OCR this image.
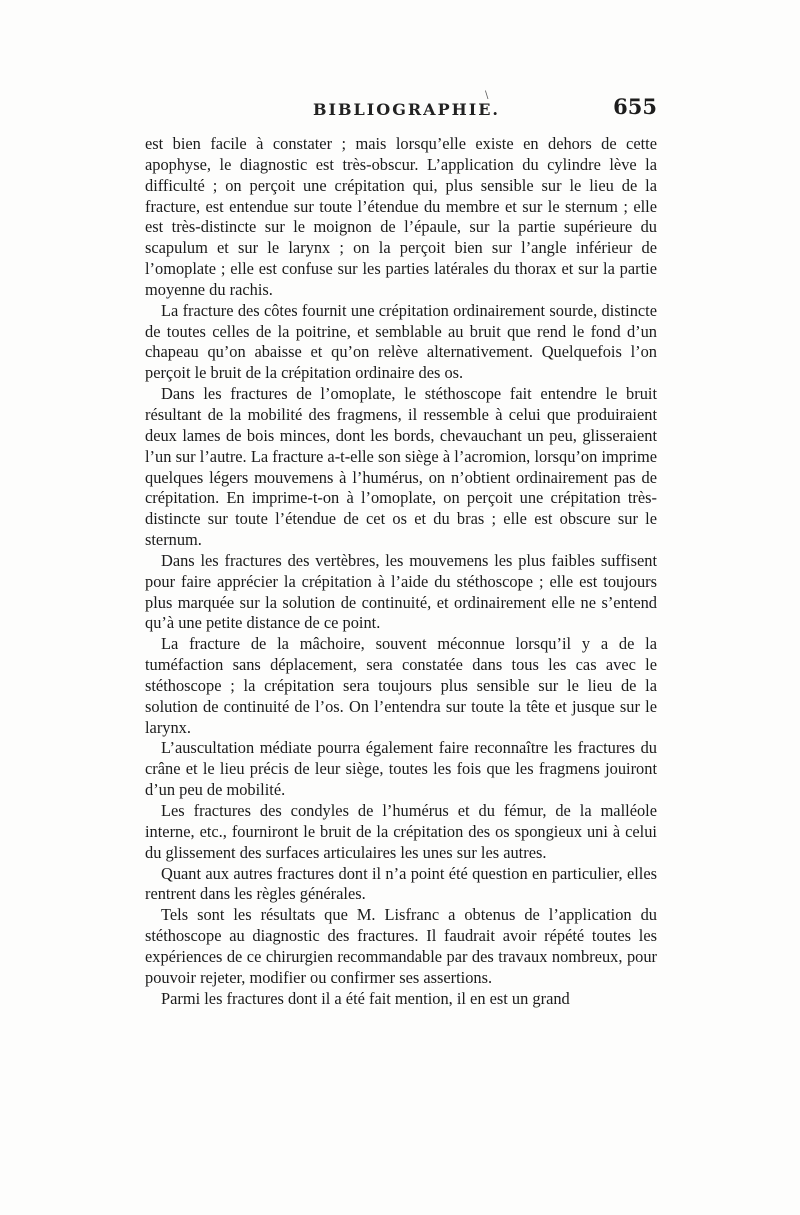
BIBLIOGRAPHIE.
\	655

est bien facile à constater ; mais lorsqu’elle existe en dehors de cette apophyse, le diagnostic est très-obscur. L’application du cylindre lève la difficulté ; on perçoit une crépitation qui, plus sensible sur le lieu de la fracture, est entendue sur toute l’étendue du membre et sur le sternum ; elle est très-distincte sur le moignon de l’épaule, sur la partie supérieure du scapulum et sur le larynx ; on la perçoit bien sur l’angle inférieur de l’omoplate ; elle est confuse sur les parties latérales du thorax et sur la partie moyenne du rachis.

La fracture des côtes fournit une crépitation ordinairement sourde, distincte de toutes celles de la poitrine, et semblable au bruit que rend le fond d’un chapeau qu’on abaisse et qu’on relève alternativement. Quelquefois l’on perçoit le bruit de la crépitation ordinaire des os.

Dans les fractures de l’omoplate, le stéthoscope fait entendre le bruit résultant de la mobilité des fragmens, il ressemble à celui que produiraient deux lames de bois minces, dont les bords, chevauchant un peu, glisseraient l’un sur l’autre. La fracture a-t-elle son siège à l’acromion, lorsqu’on imprime quelques légers mouvemens à l’humérus, on n’obtient ordinairement pas de crépitation. En imprime-t-on à l’omoplate, on perçoit une crépitation très-distincte sur toute l’étendue de cet os et du bras ; elle est obscure sur le sternum.

Dans les fractures des vertèbres, les mouvemens les plus faibles suffisent pour faire apprécier la crépitation à l’aide du stéthoscope ; elle est toujours plus marquée sur la solution de continuité, et ordinairement elle ne s’entend qu’à une petite distance de ce point.

La fracture de la mâchoire, souvent méconnue lorsqu’il y a de la tuméfaction sans déplacement, sera constatée dans tous les cas avec le stéthoscope ; la crépitation sera toujours plus sensible sur le lieu de la solution de continuité de l’os. On l’entendra sur toute la tête et jusque sur le larynx.

L’auscultation médiate pourra également faire reconnaître les fractures du crâne et le lieu précis de leur siège, toutes les fois que les fragmens jouiront d’un peu de mobilité.

Les fractures des condyles de l’humérus et du fémur, de la malléole interne, etc., fourniront le bruit de la crépitation des os spongieux uni à celui du glissement des surfaces articulaires les unes sur les autres.

Quant aux autres fractures dont il n’a point été question en particulier, elles rentrent dans les règles générales.

Tels sont les résultats que M. Lisfranc a obtenus de l’application du stéthoscope au diagnostic des fractures. Il faudrait avoir répété toutes les expériences de ce chirurgien recommandable par des travaux nombreux, pour pouvoir rejeter, modifier ou confirmer ses assertions.

Parmi les fractures dont il a été fait mention, il en est un grand
